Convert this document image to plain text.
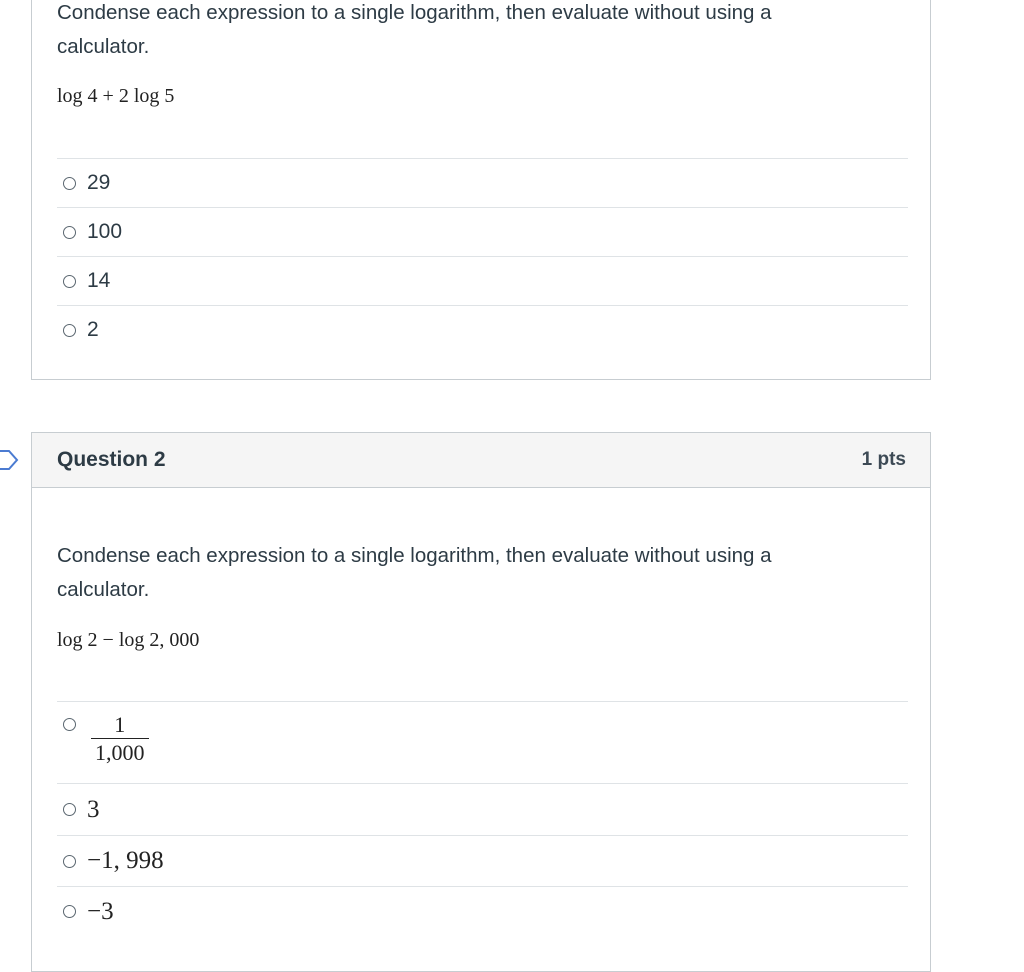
Condense each expression to a single logarithm, then evaluate without using a calculator.
log 4 + 2 log 5
29
100
14
2
Question 2	1 pts
Condense each expression to a single logarithm, then evaluate without using a calculator.
log 2 − log 2, 000
$\frac{1}{1,000}$
3
−1, 998
−3
